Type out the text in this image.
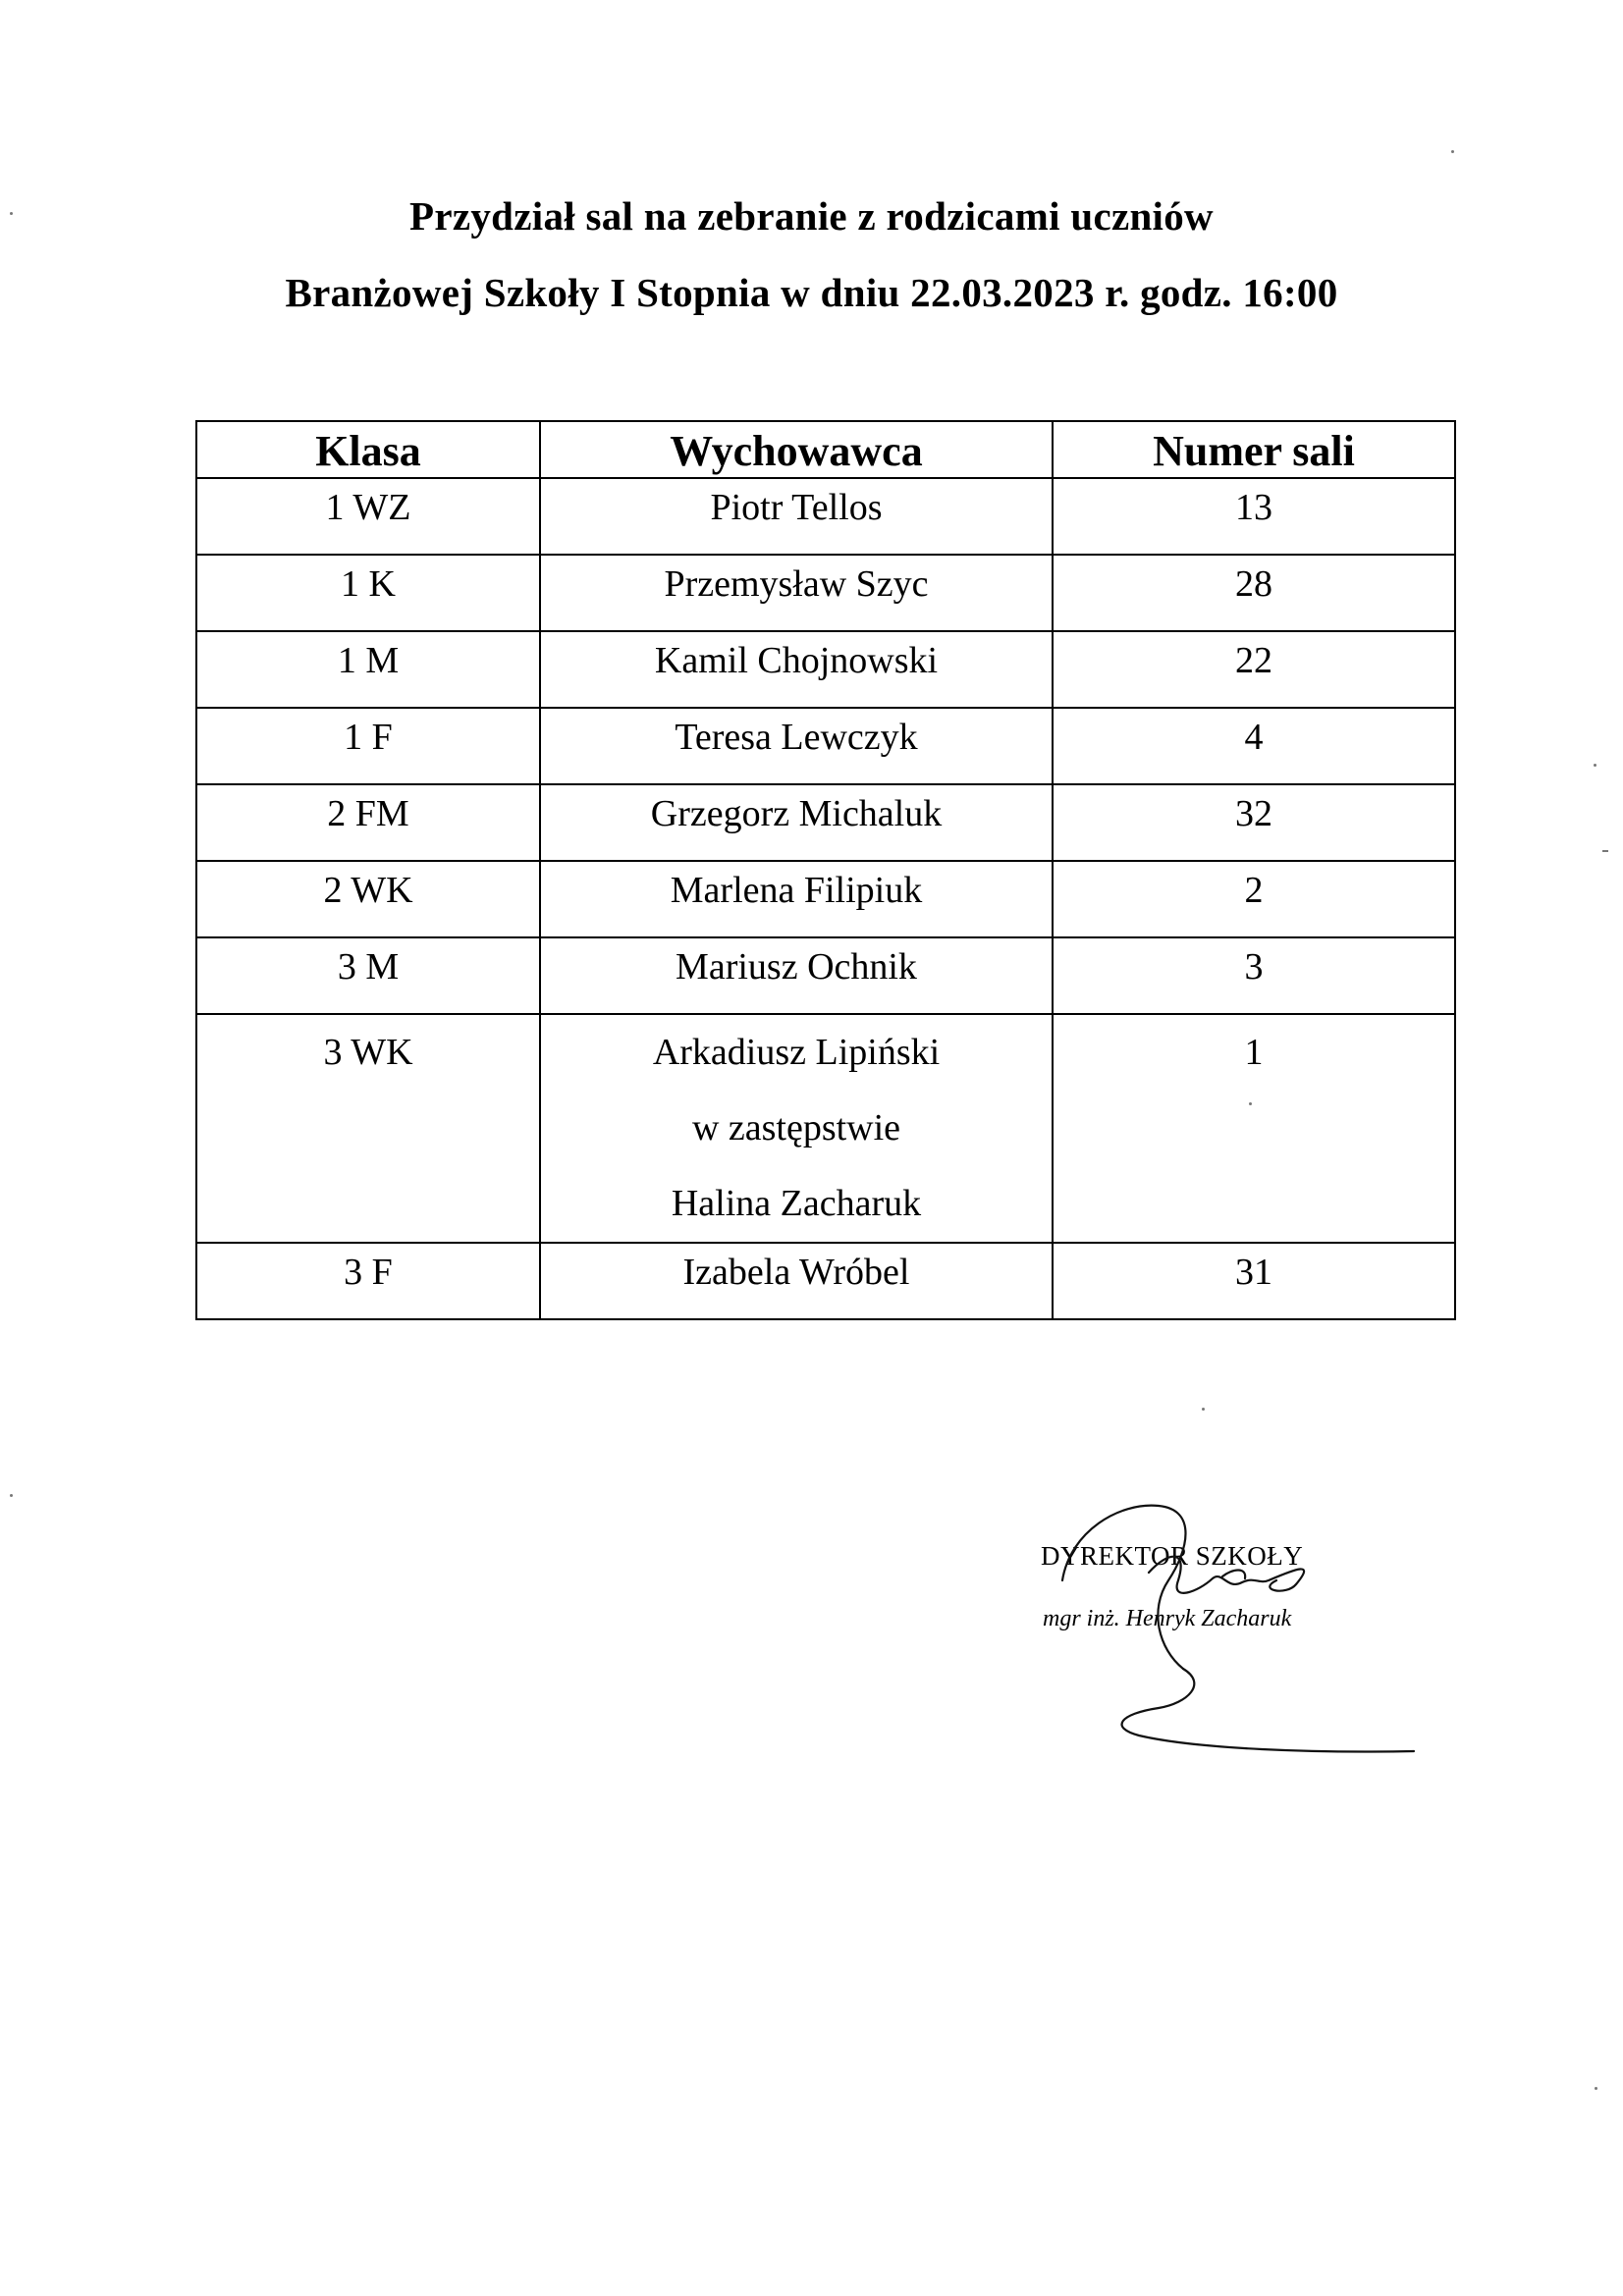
Przydział sal na zebranie z rodzicami uczniów
Branżowej Szkoły I Stopnia w dniu 22.03.2023 r. godz. 16:00
Klasa	Wychowawca	Numer sali
1 WZ	Piotr Tellos	13
1 K	Przemysław Szyc	28
1 M	Kamil Chojnowski	22
1 F	Teresa Lewczyk	4
2 FM	Grzegorz Michaluk	32
2 WK	Marlena Filipiuk	2
3 M	Mariusz Ochnik	3
3 WK	Arkadiusz Lipiński
w zastępstwie
Halina Zacharuk	1
3 F	Izabela Wróbel	31
DYREKTOR SZKOŁY
mgr inż. Henryk Zacharuk
